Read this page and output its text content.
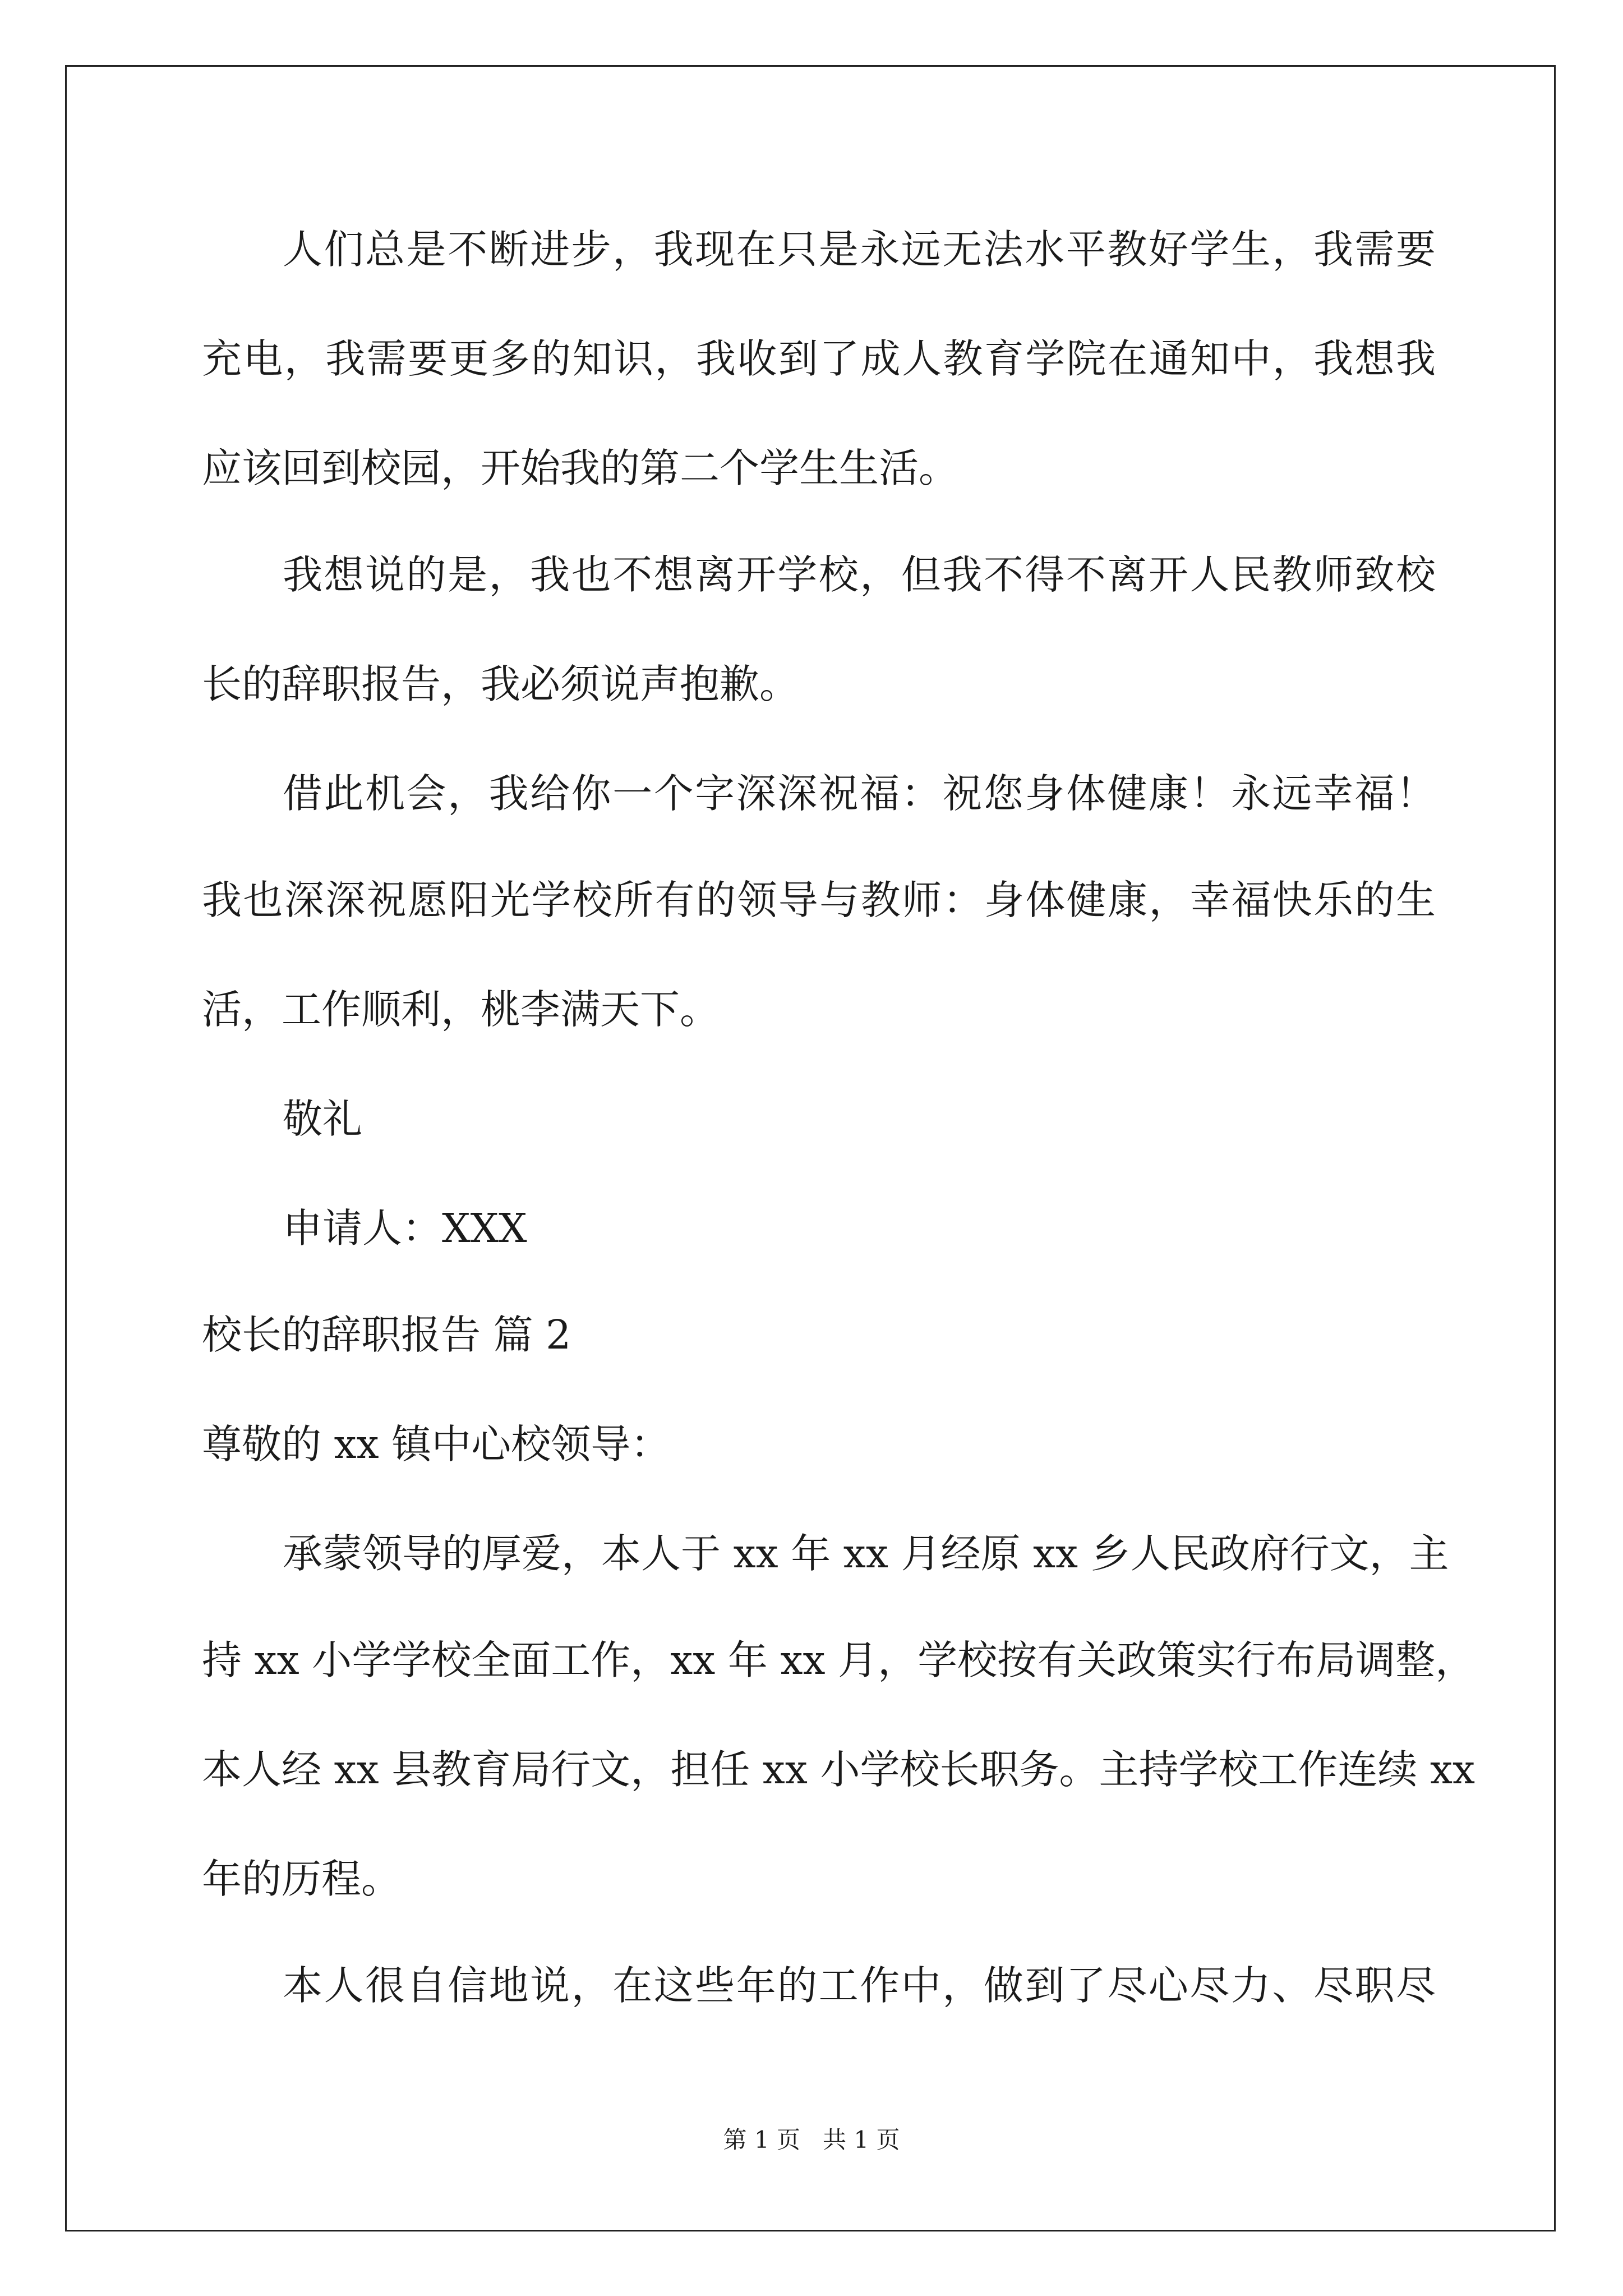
人们总是不断进步，我现在只是永远无法水平教好学生，我需要
充电，我需要更多的知识，我收到了成人教育学院在通知中，我想我
应该回到校园，开始我的第二个学生生活。
我想说的是，我也不想离开学校，但我不得不离开人民教师致校
长的辞职报告，我必须说声抱歉。
借此机会，我给你一个字深深祝福：祝您身体健康！永远幸福！
我也深深祝愿阳光学校所有的领导与教师：身体健康，幸福快乐的生
活，工作顺利，桃李满天下。
敬礼
申请人：XXX
校长的辞职报告 篇 2
尊敬的 xx 镇中心校领导：
承蒙领导的厚爱，本人于 xx 年 xx 月经原 xx 乡人民政府行文，主
持 xx 小学学校全面工作，xx 年 xx 月，学校按有关政策实行布局调整，
本人经 xx 县教育局行文，担任 xx 小学校长职务。主持学校工作连续 xx
年的历程。
本人很自信地说，在这些年的工作中，做到了尽心尽力、尽职尽
第 1 页   共 1 页
